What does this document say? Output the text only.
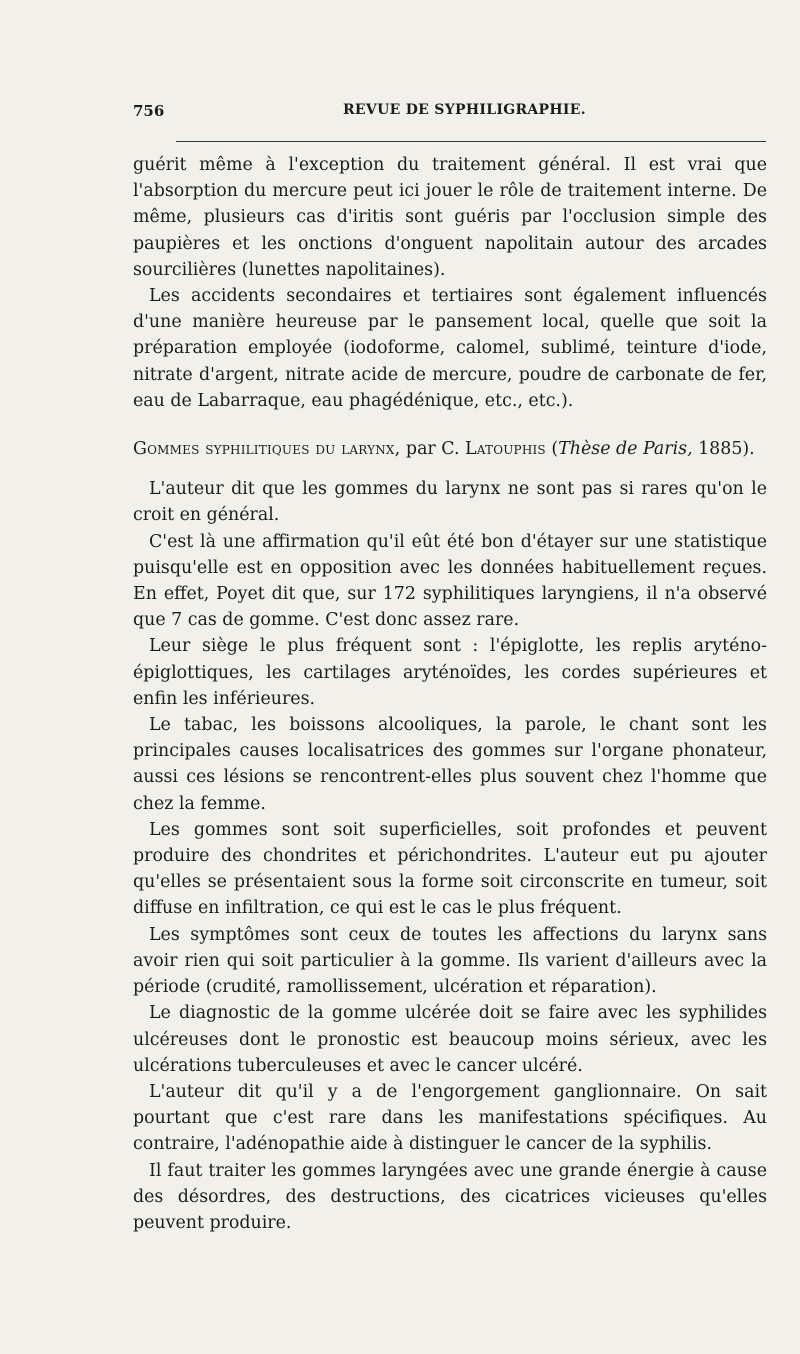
756	REVUE DE SYPHILIGRAPHIE.

guérit même à l'exception du traitement général. Il est vrai que l'absorption du mercure peut ici jouer le rôle de traitement interne. De même, plusieurs cas d'iritis sont guéris par l'occlusion simple des paupières et les onctions d'onguent napolitain autour des arcades sourcilières (lunettes napolitaines).

Les accidents secondaires et tertiaires sont également influencés d'une manière heureuse par le pansement local, quelle que soit la préparation employée (iodoforme, calomel, sublimé, teinture d'iode, nitrate d'argent, nitrate acide de mercure, poudre de carbonate de fer, eau de Labarraque, eau phagédénique, etc., etc.).

Gommes syphilitiques du larynx, par C. Latouphis (Thèse de Paris, 1885).

L'auteur dit que les gommes du larynx ne sont pas si rares qu'on le croit en général.

C'est là une affirmation qu'il eût été bon d'étayer sur une statistique puisqu'elle est en opposition avec les données habituellement reçues. En effet, Poyet dit que, sur 172 syphilitiques laryngiens, il n'a observé que 7 cas de gomme. C'est donc assez rare.

Leur siège le plus fréquent sont : l'épiglotte, les replis aryténo-épiglottiques, les cartilages aryténoïdes, les cordes supérieures et enfin les inférieures.

Le tabac, les boissons alcooliques, la parole, le chant sont les principales causes localisatrices des gommes sur l'organe phonateur, aussi ces lésions se rencontrent-elles plus souvent chez l'homme que chez la femme.

Les gommes sont soit superficielles, soit profondes et peuvent produire des chondrites et périchondrites. L'auteur eut pu ajouter qu'elles se présentaient sous la forme soit circonscrite en tumeur, soit diffuse en infiltration, ce qui est le cas le plus fréquent.

Les symptômes sont ceux de toutes les affections du larynx sans avoir rien qui soit particulier à la gomme. Ils varient d'ailleurs avec la période (crudité, ramollissement, ulcération et réparation).

Le diagnostic de la gomme ulcérée doit se faire avec les syphilides ulcéreuses dont le pronostic est beaucoup moins sérieux, avec les ulcérations tuberculeuses et avec le cancer ulcéré.

L'auteur dit qu'il y a de l'engorgement ganglionnaire. On sait pourtant que c'est rare dans les manifestations spécifiques. Au contraire, l'adénopathie aide à distinguer le cancer de la syphilis.

Il faut traiter les gommes laryngées avec une grande énergie à cause des désordres, des destructions, des cicatrices vicieuses qu'elles peuvent produire.
